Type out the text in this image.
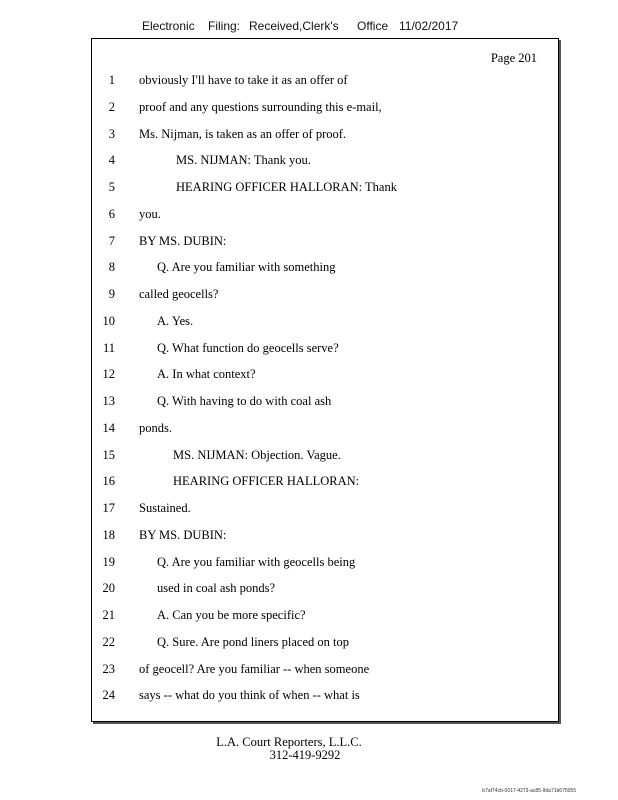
Electronic Filing: Received,Clerk's Office 11/02/2017
Page 201
1 obviously I'll have to take it as an offer of
2 proof and any questions surrounding this e-mail,
3 Ms. Nijman, is taken as an offer of proof.
4	MS. NIJMAN: Thank you.
5	HEARING OFFICER HALLORAN: Thank
6 you.
7 BY MS. DUBIN:
8	Q. Are you familiar with something
9 called geocells?
10	A. Yes.
11	Q. What function do geocells serve?
12	A. In what context?
13	Q. With having to do with coal ash
14 ponds.
15	MS. NIJMAN: Objection. Vague.
16	HEARING OFFICER HALLORAN:
17 Sustained.
18 BY MS. DUBIN:
19	Q. Are you familiar with geocells being
20	used in coal ash ponds?
21	A. Can you be more specific?
22	Q. Sure. Are pond liners placed on top
23 of geocell? Are you familiar -- when someone
24 says -- what do you think of when -- what is
L.A. Court Reporters, L.L.C.
312-419-9292
b7af74cb-0017-4273-ac85-9da71b675055
